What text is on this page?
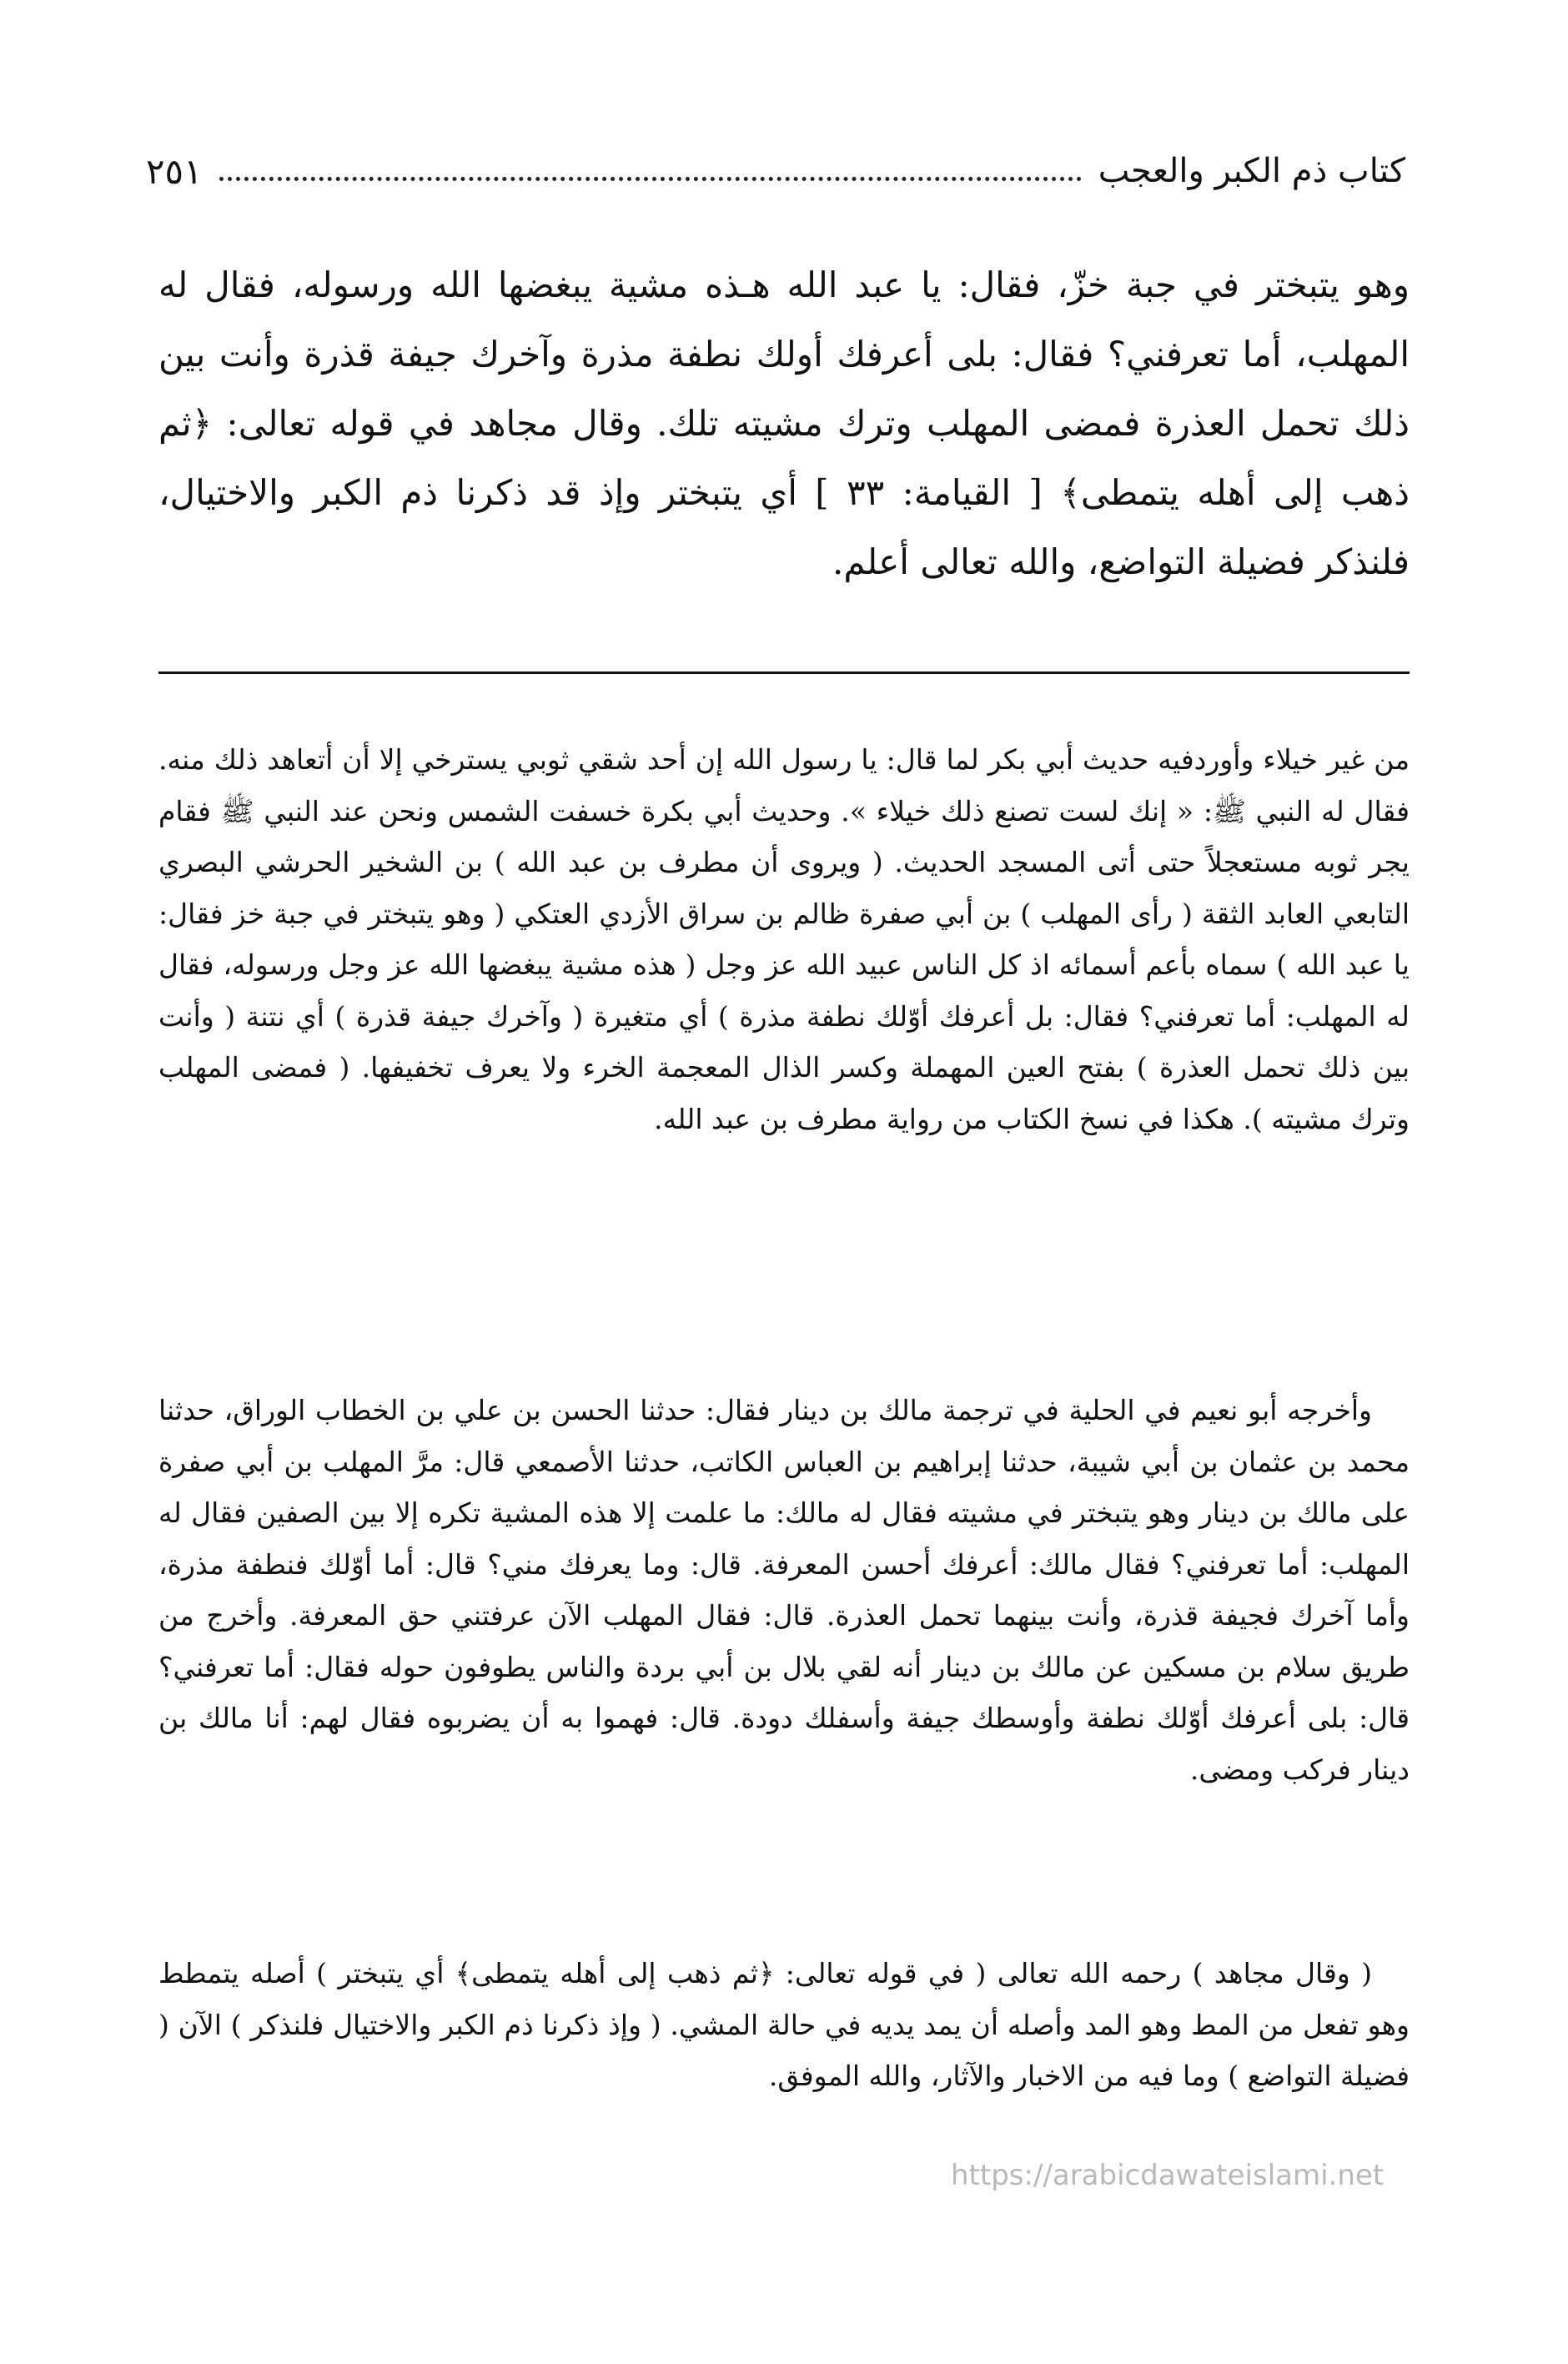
كتاب ذم الكبر والعجب
٢٥١

وهو يتبختر في جبة خزّ، فقال: يا عبد الله هـذه مشية يبغضها الله ورسوله، فقال له المهلب، أما تعرفني؟ فقال: بلى أعرفك أولك نطفة مذرة وآخرك جيفة قذرة وأنت بين ذلك تحمل العذرة فمضى المهلب وترك مشيته تلك. وقال مجاهد في قوله تعالى: ﴿ثم ذهب إلى أهله يتمطى﴾ [ القيامة: ٣٣ ] أي يتبختر وإذ قد ذكرنا ذم الكبر والاختيال، فلنذكر فضيلة التواضع، والله تعالى أعلم.

من غير خيلاء وأوردفيه حديث أبي بكر لما قال: يا رسول الله إن أحد شقي ثوبي يسترخي إلا أن أتعاهد ذلك منه. فقال له النبي ﷺ: « إنك لست تصنع ذلك خيلاء ». وحديث أبي بكرة خسفت الشمس ونحن عند النبي ﷺ فقام يجر ثوبه مستعجلاً حتى أتى المسجد الحديث. ( ويروى أن مطرف بن عبد الله ) بن الشخير الحرشي البصري التابعي العابد الثقة ( رأى المهلب ) بن أبي صفرة ظالم بن سراق الأزدي العتكي ( وهو يتبختر في جبة خز فقال: يا عبد الله ) سماه بأعم أسمائه اذ كل الناس عبيد الله عز وجل ( هذه مشية يبغضها الله عز وجل ورسوله، فقال له المهلب: أما تعرفني؟ فقال: بل أعرفك أوّلك نطفة مذرة ) أي متغيرة ( وآخرك جيفة قذرة ) أي نتنة ( وأنت بين ذلك تحمل العذرة ) بفتح العين المهملة وكسر الذال المعجمة الخرء ولا يعرف تخفيفها. ( فمضى المهلب وترك مشيته ). هكذا في نسخ الكتاب من رواية مطرف بن عبد الله.

وأخرجه أبو نعيم في الحلية في ترجمة مالك بن دينار فقال: حدثنا الحسن بن علي بن الخطاب الوراق، حدثنا محمد بن عثمان بن أبي شيبة، حدثنا إبراهيم بن العباس الكاتب، حدثنا الأصمعي قال: مرَّ المهلب بن أبي صفرة على مالك بن دينار وهو يتبختر في مشيته فقال له مالك: ما علمت إلا هذه المشية تكره إلا بين الصفين فقال له المهلب: أما تعرفني؟ فقال مالك: أعرفك أحسن المعرفة. قال: وما يعرفك مني؟ قال: أما أوّلك فنطفة مذرة، وأما آخرك فجيفة قذرة، وأنت بينهما تحمل العذرة. قال: فقال المهلب الآن عرفتني حق المعرفة. وأخرج من طريق سلام بن مسكين عن مالك بن دينار أنه لقي بلال بن أبي بردة والناس يطوفون حوله فقال: أما تعرفني؟ قال: بلى أعرفك أوّلك نطفة وأوسطك جيفة وأسفلك دودة. قال: فهموا به أن يضربوه فقال لهم: أنا مالك بن دينار فركب ومضى.

( وقال مجاهد ) رحمه الله تعالى ( في قوله تعالى: ﴿ثم ذهب إلى أهله يتمطى﴾ أي يتبختر ) أصله يتمطط وهو تفعل من المط وهو المد وأصله أن يمد يديه في حالة المشي. ( وإذ ذكرنا ذم الكبر والاختيال فلنذكر ) الآن ( فضيلة التواضع ) وما فيه من الاخبار والآثار، والله الموفق.

https://arabicdawateislami.net
